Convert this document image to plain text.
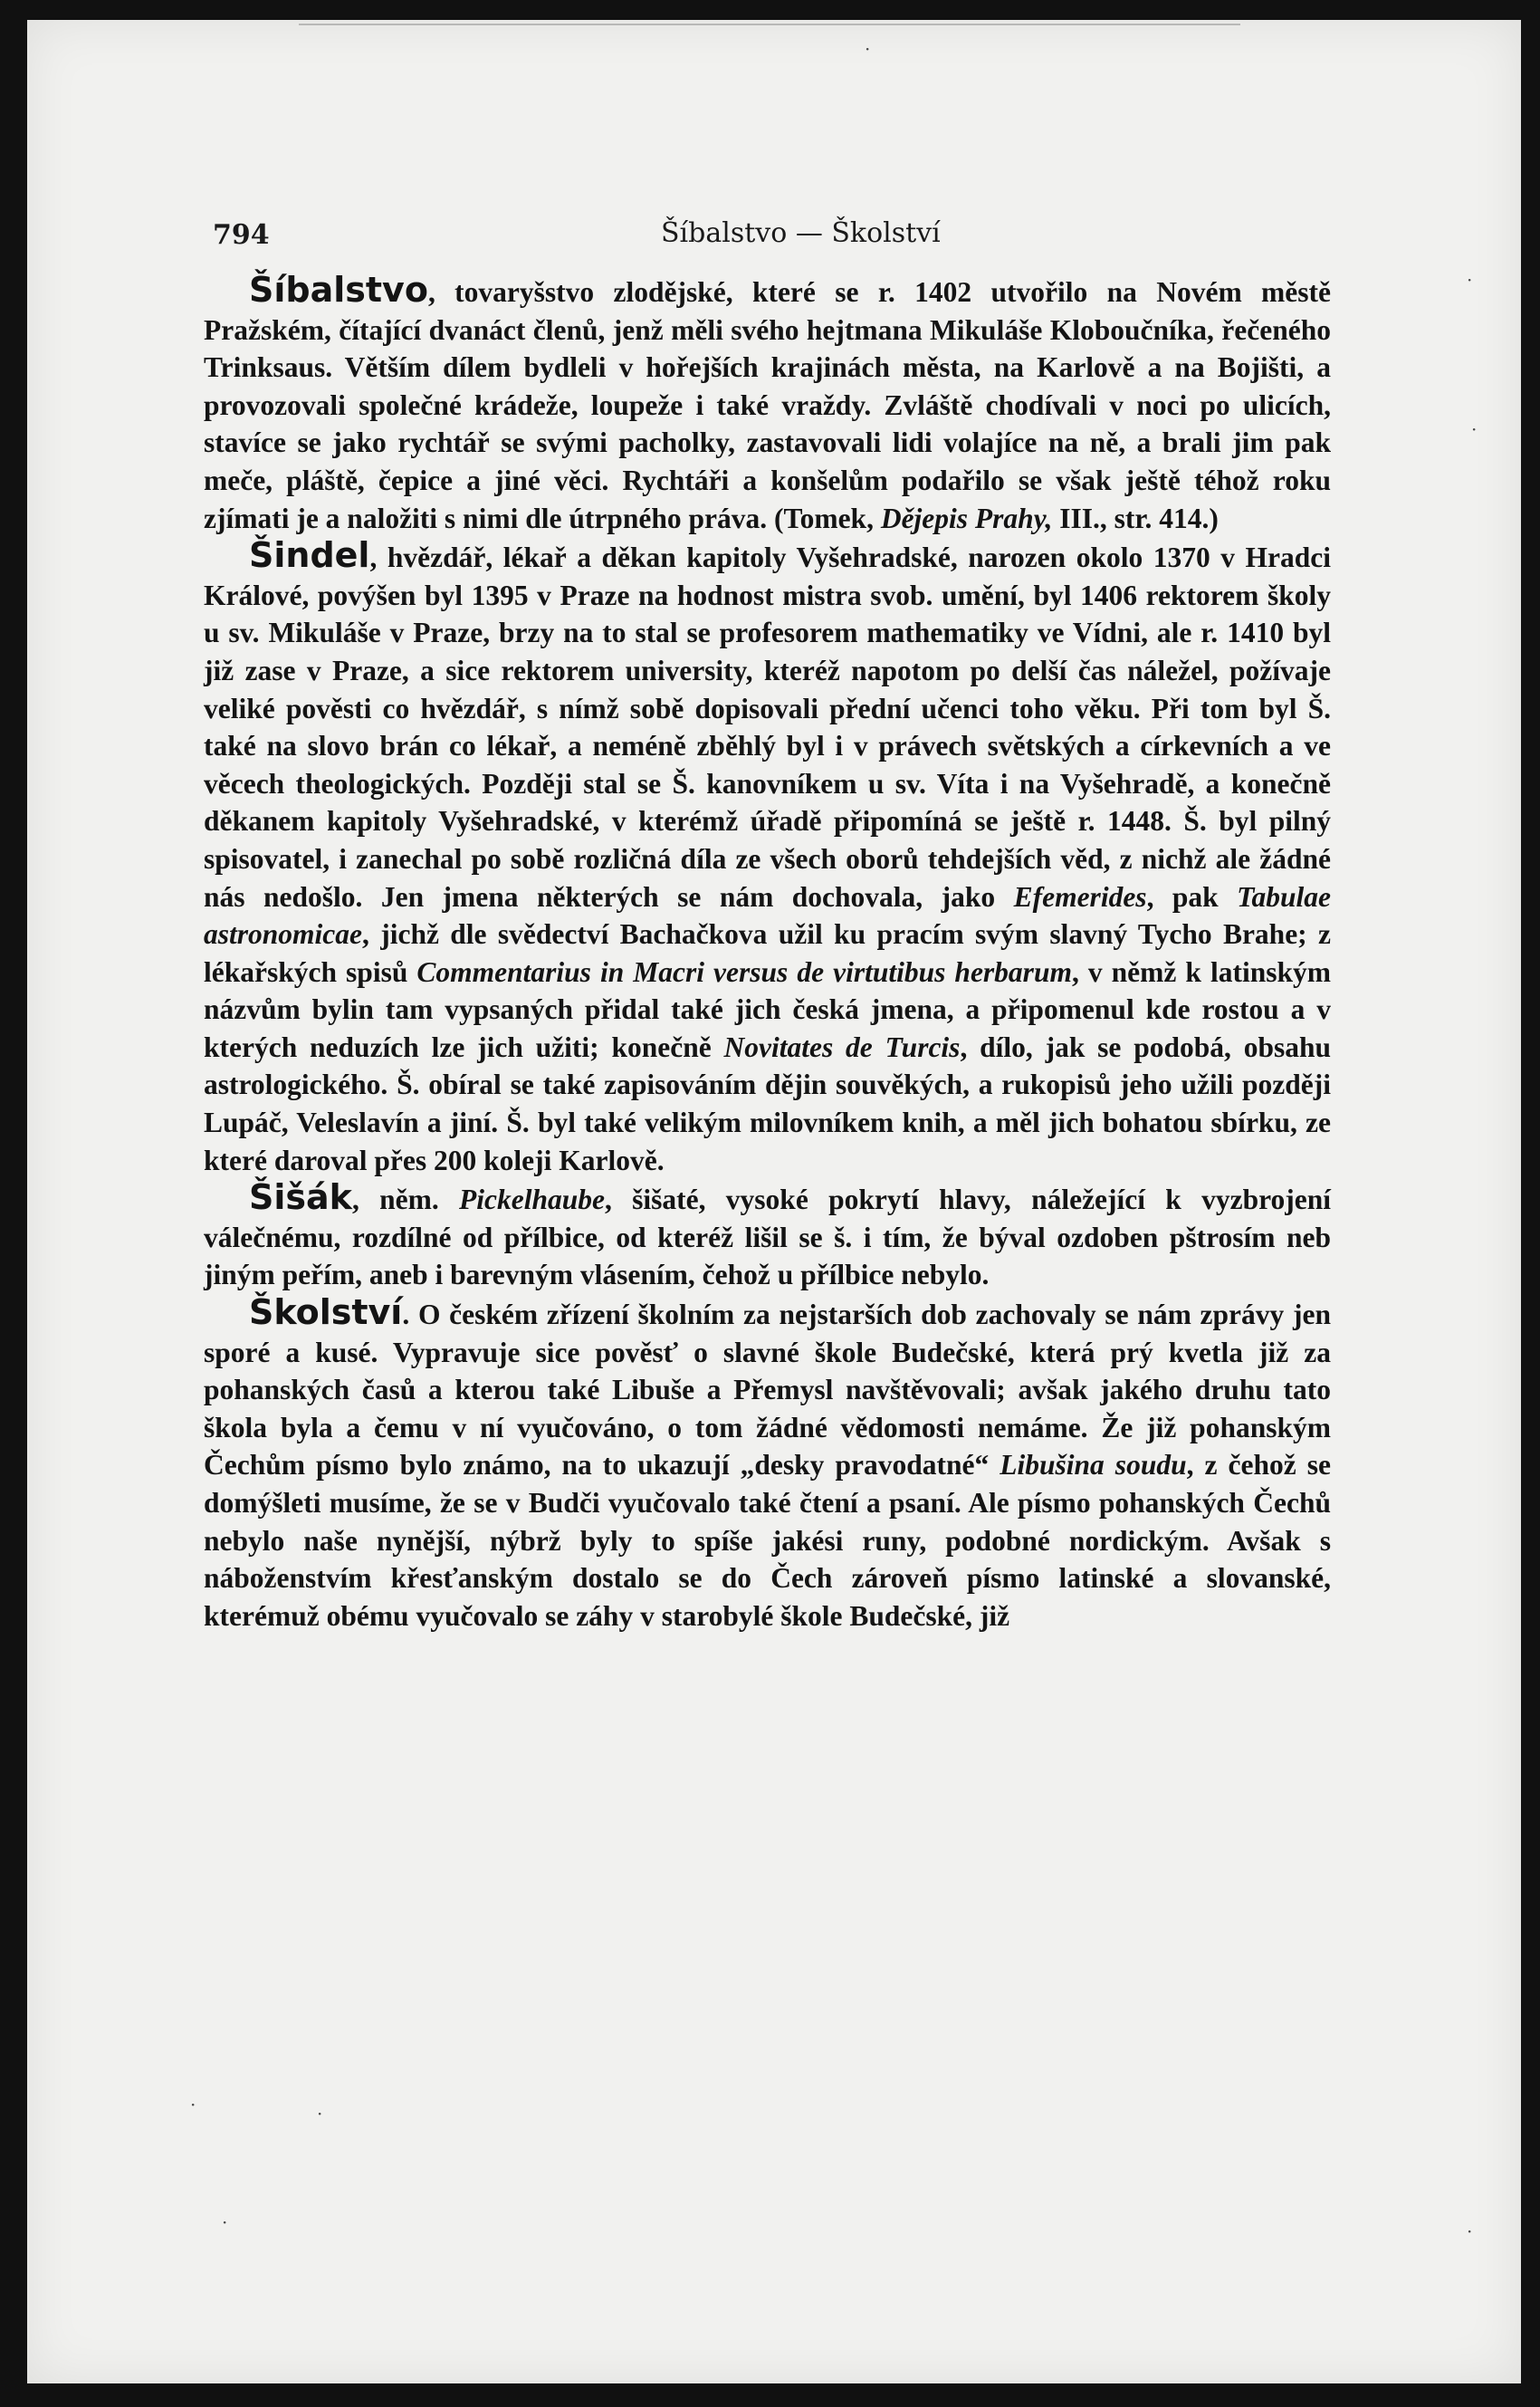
·
·
·
·	·
·	·
794	Šíbalstvo — Školství

Šíbalstvo, tovaryšstvo zlodějské, které se r. 1402 utvořilo na Novém městě Pražském, čítající dvanáct členů, jenž měli svého hejtmana Mikuláše Kloboučníka, řečeného Trinksaus. Větším dílem bydleli v hořejších krajinách města, na Karlově a na Bojišti, a provozovali společné krádeže, loupeže i také vraždy. Zvláště chodívali v noci po ulicích, stavíce se jako rychtář se svými pacholky, zastavovali lidi volajíce na ně, a brali jim pak meče, pláště, čepice a jiné věci. Rychtáři a konšelům podařilo se však ještě téhož roku zjímati je a naložiti s nimi dle útrpného práva. (Tomek, Dějepis Prahy, III., str. 414.)

Šindel, hvězdář, lékař a děkan kapitoly Vyšehradské, narozen okolo 1370 v Hradci Králové, povýšen byl 1395 v Praze na hodnost mistra svob. umění, byl 1406 rektorem školy u sv. Mikuláše v Praze, brzy na to stal se profesorem mathematiky ve Vídni, ale r. 1410 byl již zase v Praze, a sice rektorem university, kteréž napotom po delší čas náležel, požívaje veliké pověsti co hvězdář, s nímž sobě dopisovali přední učenci toho věku. Při tom byl Š. také na slovo brán co lékař, a neméně zběhlý byl i v právech světských a církevních a ve věcech theologických. Později stal se Š. kanovníkem u sv. Víta i na Vyšehradě, a konečně děkanem kapitoly Vyšehradské, v kterémž úřadě připomíná se ještě r. 1448. Š. byl pilný spisovatel, i zanechal po sobě rozličná díla ze všech oborů tehdejších věd, z nichž ale žádné nás nedošlo. Jen jmena některých se nám dochovala, jako Efemerides, pak Tabulae astronomicae, jichž dle svědectví Bachačkova užil ku pracím svým slavný Tycho Brahe; z lékařských spisů Commentarius in Macri versus de virtutibus herbarum, v němž k latinským názvům bylin tam vypsaných přidal také jich česká jmena, a připomenul kde rostou a v kterých neduzích lze jich užiti; konečně Novitates de Turcis, dílo, jak se podobá, obsahu astrologického. Š. obíral se také zapisováním dějin souvěkých, a rukopisů jeho užili později Lupáč, Veleslavín a jiní. Š. byl také velikým milovníkem knih, a měl jich bohatou sbírku, ze které daroval přes 200 koleji Karlově.

Šišák, něm. Pickelhaube, šišaté, vysoké pokrytí hlavy, náležející k vyzbrojení válečnému, rozdílné od přílbice, od kteréž lišil se š. i tím, že býval ozdoben pštrosím neb jiným peřím, aneb i barevným vlásením, čehož u přílbice nebylo.

Školství. O českém zřízení školním za nejstarších dob zachovaly se nám zprávy jen sporé a kusé. Vypravuje sice pověsť o slavné škole Budečské, která prý kvetla již za pohanských časů a kterou také Libuše a Přemysl navštěvovali; avšak jakého druhu tato škola byla a čemu v ní vyučováno, o tom žádné vědomosti nemáme. Že již pohanským Čechům písmo bylo známo, na to ukazují „desky pravodatné“ Libušina soudu, z čehož se domýšleti musíme, že se v Budči vyučovalo také čtení a psaní. Ale písmo pohanských Čechů nebylo naše nynější, nýbrž byly to spíše jakési runy, podobné nordickým. Avšak s náboženstvím křesťanským dostalo se do Čech zároveň písmo latinské a slovanské, kterémuž obému vyučovalo se záhy v starobylé škole Budečské, již
